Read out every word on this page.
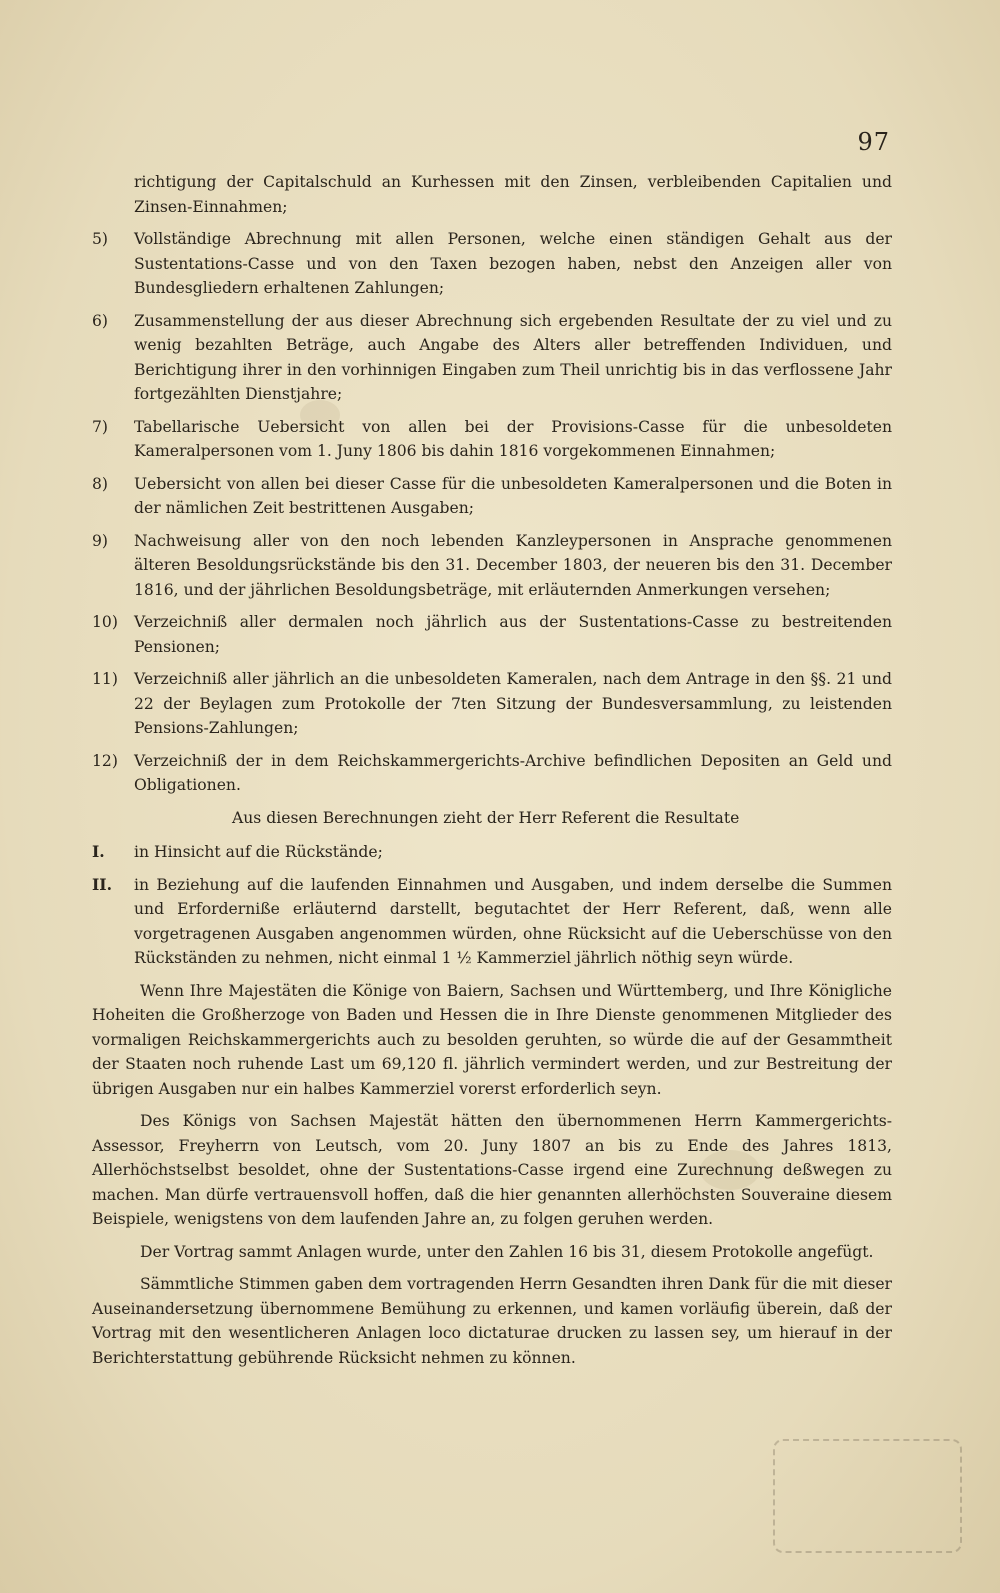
97
richtigung der Capitalschuld an Kurhessen mit den Zinsen, verbleibenden Capitalien und Zinsen-Einnahmen;
5)	Vollständige Abrechnung mit allen Personen, welche einen ständigen Gehalt aus der Sustentations-Casse und von den Taxen bezogen haben, nebst den Anzeigen aller von Bundesgliedern erhaltenen Zahlungen;
6)	Zusammenstellung der aus dieser Abrechnung sich ergebenden Resultate der zu viel und zu wenig bezahlten Beträge, auch Angabe des Alters aller betreffenden Individuen, und Berichtigung ihrer in den vorhinnigen Eingaben zum Theil unrichtig bis in das verflossene Jahr fortgezählten Dienstjahre;
7)	Tabellarische Uebersicht von allen bei der Provisions-Casse für die unbesoldeten Kameralpersonen vom 1. Juny 1806 bis dahin 1816 vorgekommenen Einnahmen;
8)	Uebersicht von allen bei dieser Casse für die unbesoldeten Kameralpersonen und die Boten in der nämlichen Zeit bestrittenen Ausgaben;
9)	Nachweisung aller von den noch lebenden Kanzleypersonen in Ansprache genommenen älteren Besoldungsrückstände bis den 31. December 1803, der neueren bis den 31. December 1816, und der jährlichen Besoldungsbeträge, mit erläuternden Anmerkungen versehen;
10)	Verzeichniß aller dermalen noch jährlich aus der Sustentations-Casse zu bestreitenden Pensionen;
11)	Verzeichniß aller jährlich an die unbesoldeten Kameralen, nach dem Antrage in den §§. 21 und 22 der Beylagen zum Protokolle der 7ten Sitzung der Bundesversammlung, zu leistenden Pensions-Zahlungen;
12)	Verzeichniß der in dem Reichskammergerichts-Archive befindlichen Depositen an Geld und Obligationen.
Aus diesen Berechnungen zieht der Herr Referent die Resultate
I. in Hinsicht auf die Rückstände;
II. in Beziehung auf die laufenden Einnahmen und Ausgaben, und indem derselbe die Summen und Erforderniße erläuternd darstellt, begutachtet der Herr Referent, daß, wenn alle vorgetragenen Ausgaben angenommen würden, ohne Rücksicht auf die Ueberschüsse von den Rückständen zu nehmen, nicht einmal 1 ½ Kammerziel jährlich nöthig seyn würde.

Wenn Ihre Majestäten die Könige von Baiern, Sachsen und Württemberg, und Ihre Königliche Hoheiten die Großherzoge von Baden und Hessen die in Ihre Dienste genommenen Mitglieder des vormaligen Reichskammergerichts auch zu besolden geruhten, so würde die auf der Gesammtheit der Staaten noch ruhende Last um 69,120 fl. jährlich vermindert werden, und zur Bestreitung der übrigen Ausgaben nur ein halbes Kammerziel vorerst erforderlich seyn.

Des Königs von Sachsen Majestät hätten den übernommenen Herrn Kammergerichts-Assessor, Freyherrn von Leutsch, vom 20. Juny 1807 an bis zu Ende des Jahres 1813, Allerhöchstselbst besoldet, ohne der Sustentations-Casse irgend eine Zurechnung deßwegen zu machen. Man dürfe vertrauensvoll hoffen, daß die hier genannten allerhöchsten Souveraine diesem Beispiele, wenigstens von dem laufenden Jahre an, zu folgen geruhen werden.

Der Vortrag sammt Anlagen wurde, unter den Zahlen 16 bis 31, diesem Protokolle angefügt.

Sämmtliche Stimmen gaben dem vortragenden Herrn Gesandten ihren Dank für die mit dieser Auseinandersetzung übernommene Bemühung zu erkennen, und kamen vorläufig überein, daß der Vortrag mit den wesentlicheren Anlagen loco dictaturae drucken zu lassen sey, um hierauf in der Berichterstattung gebührende Rücksicht nehmen zu können.
